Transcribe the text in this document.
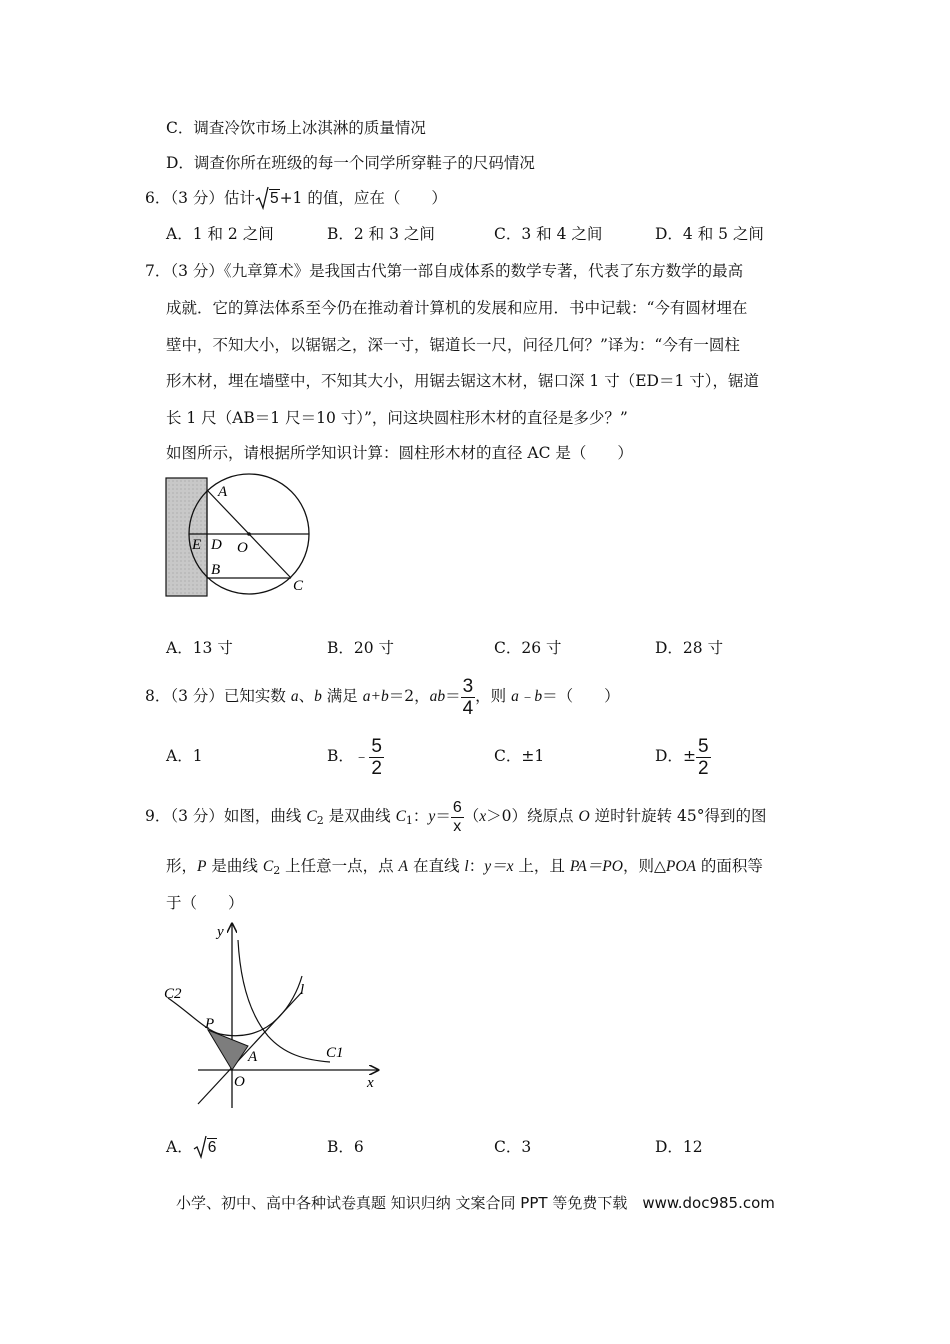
C．调查冷饮市场上冰淇淋的质量情况
D．调查你所在班级的每一个同学所穿鞋子的尺码情况
6．（3 分）估计 5+1 的值，应在（　　）
A．1 和 2 之间	B．2 和 3 之间	C．3 和 4 之间	D．4 和 5 之间
7．（3 分）《九章算术》是我国古代第一部自成体系的数学专著，代表了东方数学的最高
成就．它的算法体系至今仍在推动着计算机的发展和应用．书中记载：“今有圆材埋在
壁中，不知大小，以锯锯之，深一寸，锯道长一尺，问径几何？”译为：“今有一圆柱
形木材，埋在墙壁中，不知其大小，用锯去锯这木材，锯口深 1 寸（ED＝1 寸），锯道
长 1 尺（AB＝1 尺＝10 寸）”，问这块圆柱形木材的直径是多少？”
如图所示，请根据所学知识计算：圆柱形木材的直径 AC 是（　　）
A
E D O
B
C
A．13 寸	B．20 寸	C．26 寸	D．28 寸
8．（3 分）已知实数 a、b 满足 a+b＝2，$ab= \frac{3}{4}$ ，则 a﹣b＝（　　）
A．1	B．﹣ $\frac{5}{2}$	C．±1	D．± $\frac{5}{2}$
9．（3 分）如图，曲线 $C_2$ 是双曲线 $C_1$：$y= \frac{6}{x} (x>0)$绕原点 O 逆时针旋转 45°得到的图
形，P 是曲线 $C_2$ 上任意一点，点 A 在直线 l：y＝x 上，且 PA＝PO，则△POA 的面积等
于（　　）
y
x
O
P
A
l
C2
C1
A． 6	B．6	C．3	D．12
小学、初中、高中各种试卷真题 知识归纳 文案合同 PPT 等免费下载　www.doc985.com
